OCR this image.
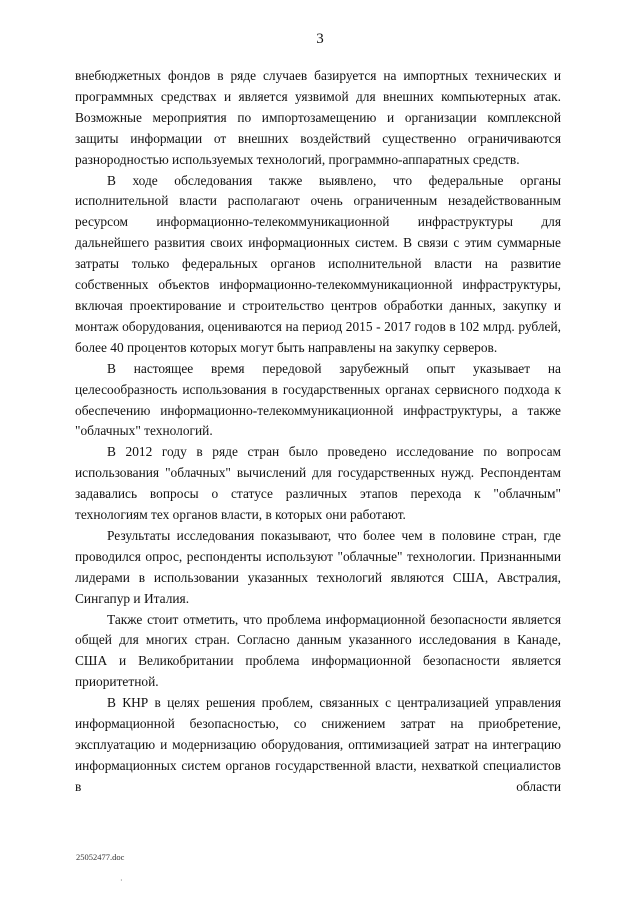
3

внебюджетных фондов в ряде случаев базируется на импортных технических и программных средствах и является уязвимой для внешних компьютерных атак. Возможные мероприятия по импортозамещению и организации комплексной защиты информации от внешних воздействий существенно ограничиваются разнородностью используемых технологий, программно-аппаратных средств.

В ходе обследования также выявлено, что федеральные органы исполнительной власти располагают очень ограниченным незадействованным ресурсом информационно-телекоммуникационной инфраструктуры для дальнейшего развития своих информационных систем. В связи с этим суммарные затраты только федеральных органов исполнительной власти на развитие собственных объектов информационно-телекоммуникационной инфраструктуры, включая проектирование и строительство центров обработки данных, закупку и монтаж оборудования, оцениваются на период 2015 - 2017 годов в 102 млрд. рублей, более 40 процентов которых могут быть направлены на закупку серверов.

В настоящее время передовой зарубежный опыт указывает на целесообразность использования в государственных органах сервисного подхода к обеспечению информационно-телекоммуникационной инфраструктуры, а также "облачных" технологий.

В 2012 году в ряде стран было проведено исследование по вопросам использования "облачных" вычислений для государственных нужд. Респондентам задавались вопросы о статусе различных этапов перехода к "облачным" технологиям тех органов власти, в которых они работают.

Результаты исследования показывают, что более чем в половине стран, где проводился опрос, респонденты используют "облачные" технологии. Признанными лидерами в использовании указанных технологий являются США, Австралия, Сингапур и Италия.

Также стоит отметить, что проблема информационной безопасности является общей для многих стран. Согласно данным указанного исследования в Канаде, США и Великобритании проблема информационной безопасности является приоритетной.

В КНР в целях решения проблем, связанных с централизацией управления информационной безопасностью, со снижением затрат на приобретение, эксплуатацию и модернизацию оборудования, оптимизацией затрат на интеграцию информационных систем органов государственной власти, нехваткой специалистов в области

25052477.doc
·
